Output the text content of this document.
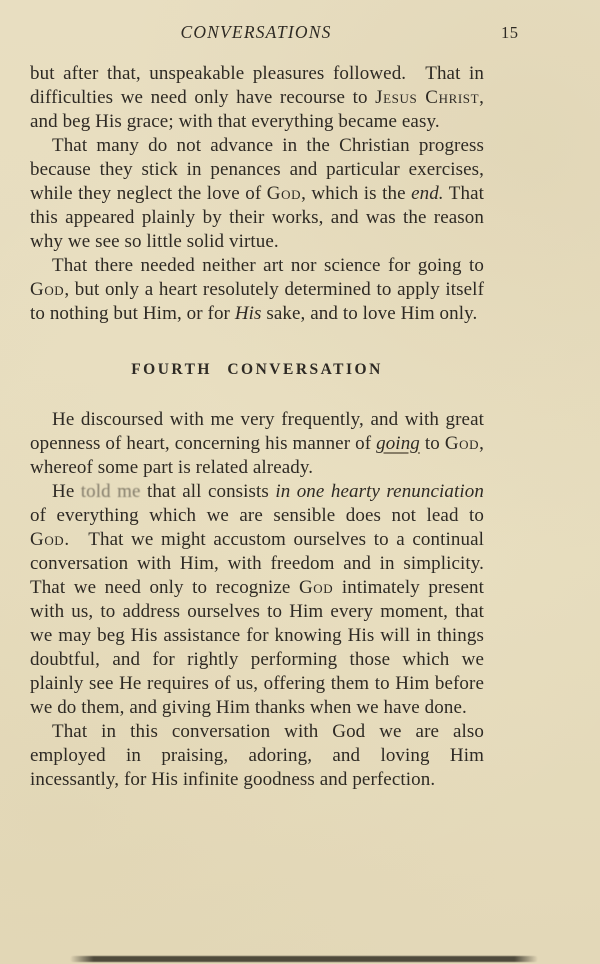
CONVERSATIONS	15

but after that, unspeakable pleasures followed. That in difficulties we need only have recourse to Jesus Christ, and beg His grace; with that everything became easy.

That many do not advance in the Christian progress because they stick in penances and particular exercises, while they neglect the love of God, which is the end. That this appeared plainly by their works, and was the reason why we see so little solid virtue.

That there needed neither art nor science for going to God, but only a heart resolutely determined to apply itself to nothing but Him, or for His sake, and to love Him only.

FOURTH CONVERSATION

He discoursed with me very frequently, and with great openness of heart, concerning his manner of going to God, whereof some part is related already.

He told me that all consists in one hearty renunciation of everything which we are sensible does not lead to God. That we might accustom ourselves to a continual conversation with Him, with freedom and in simplicity. That we need only to recognize God intimately present with us, to address ourselves to Him every moment, that we may beg His assistance for knowing His will in things doubtful, and for rightly performing those which we plainly see He requires of us, offering them to Him before we do them, and giving Him thanks when we have done.

That in this conversation with God we are also employed in praising, adoring, and loving Him incessantly, for His infinite goodness and perfection.
